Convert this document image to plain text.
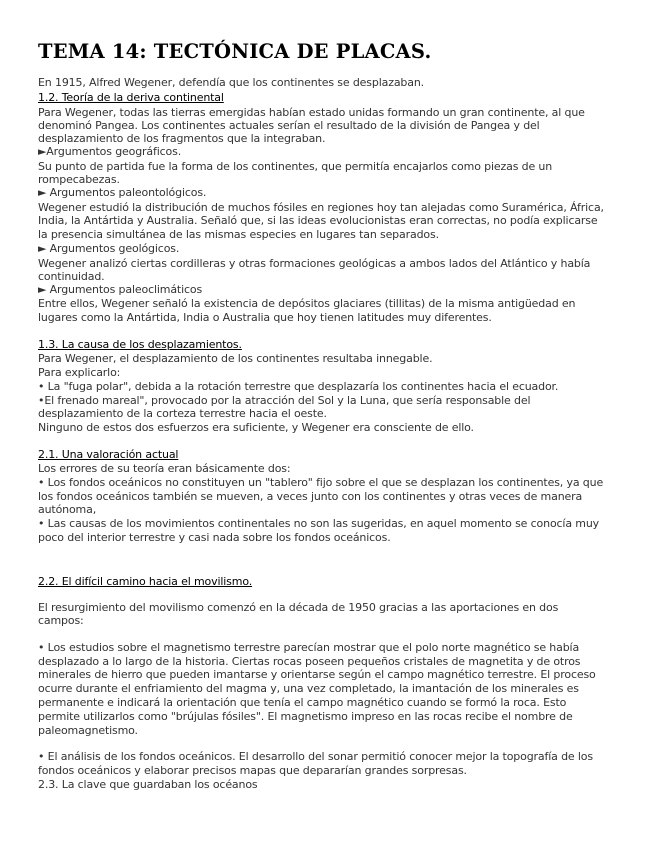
TEMA 14: TECTÓNICA DE PLACAS.
En 1915, Alfred Wegener, defendía que los continentes se desplazaban.
1.2. Teoría de la deriva continental
Para Wegener, todas las tierras emergidas habían estado unidas formando un gran continente, al que
denominó Pangea. Los continentes actuales serían el resultado de la división de Pangea y del
desplazamiento de los fragmentos que la integraban.
►Argumentos geográficos.
Su punto de partida fue la forma de los continentes, que permitía encajarlos como piezas de un
rompecabezas.
► Argumentos paleontológicos.
Wegener estudió la distribución de muchos fósiles en regiones hoy tan alejadas como Suramérica, África,
India, la Antártida y Australia. Señaló que, si las ideas evolucionistas eran correctas, no podía explicarse
la presencia simultánea de las mismas especies en lugares tan separados.
► Argumentos geológicos.
Wegener analizó ciertas cordilleras y otras formaciones geológicas a ambos lados del Atlántico y había
continuidad.
► Argumentos paleoclimáticos
Entre ellos, Wegener señaló la existencia de depósitos glaciares (tillitas) de la misma antigüedad en
lugares como la Antártida, India o Australia que hoy tienen latitudes muy diferentes.
1.3. La causa de los desplazamientos.
Para Wegener, el desplazamiento de los continentes resultaba innegable.
Para explicarlo:
• La "fuga polar", debida a la rotación terrestre que desplazaría los continentes hacia el ecuador.
•El frenado mareal", provocado por la atracción del Sol y la Luna, que sería responsable del
desplazamiento de la corteza terrestre hacia el oeste.
Ninguno de estos dos esfuerzos era suficiente, y Wegener era consciente de ello.
2.1. Una valoración actual
Los errores de su teoría eran básicamente dos:
• Los fondos oceánicos no constituyen un "tablero" fijo sobre el que se desplazan los continentes, ya que
los fondos oceánicos también se mueven, a veces junto con los continentes y otras veces de manera
autónoma,
• Las causas de los movimientos continentales no son las sugeridas, en aquel momento se conocía muy
poco del interior terrestre y casi nada sobre los fondos oceánicos.
2.2. El difícil camino hacia el movilismo.
El resurgimiento del movilismo comenzó en la década de 1950 gracias a las aportaciones en dos
campos:
• Los estudios sobre el magnetismo terrestre parecían mostrar que el polo norte magnético se había
desplazado a lo largo de la historia. Ciertas rocas poseen pequeños cristales de magnetita y de otros
minerales de hierro que pueden imantarse y orientarse según el campo magnético terrestre. El proceso
ocurre durante el enfriamiento del magma y, una vez completado, la imantación de los minerales es
permanente e indicará la orientación que tenía el campo magnético cuando se formó la roca. Esto
permite utilizarlos como "brújulas fósiles". El magnetismo impreso en las rocas recibe el nombre de
paleomagnetismo.
• El análisis de los fondos oceánicos. El desarrollo del sonar permitió conocer mejor la topografía de los
fondos oceánicos y elaborar precisos mapas que depararían grandes sorpresas.
2.3. La clave que guardaban los océanos
